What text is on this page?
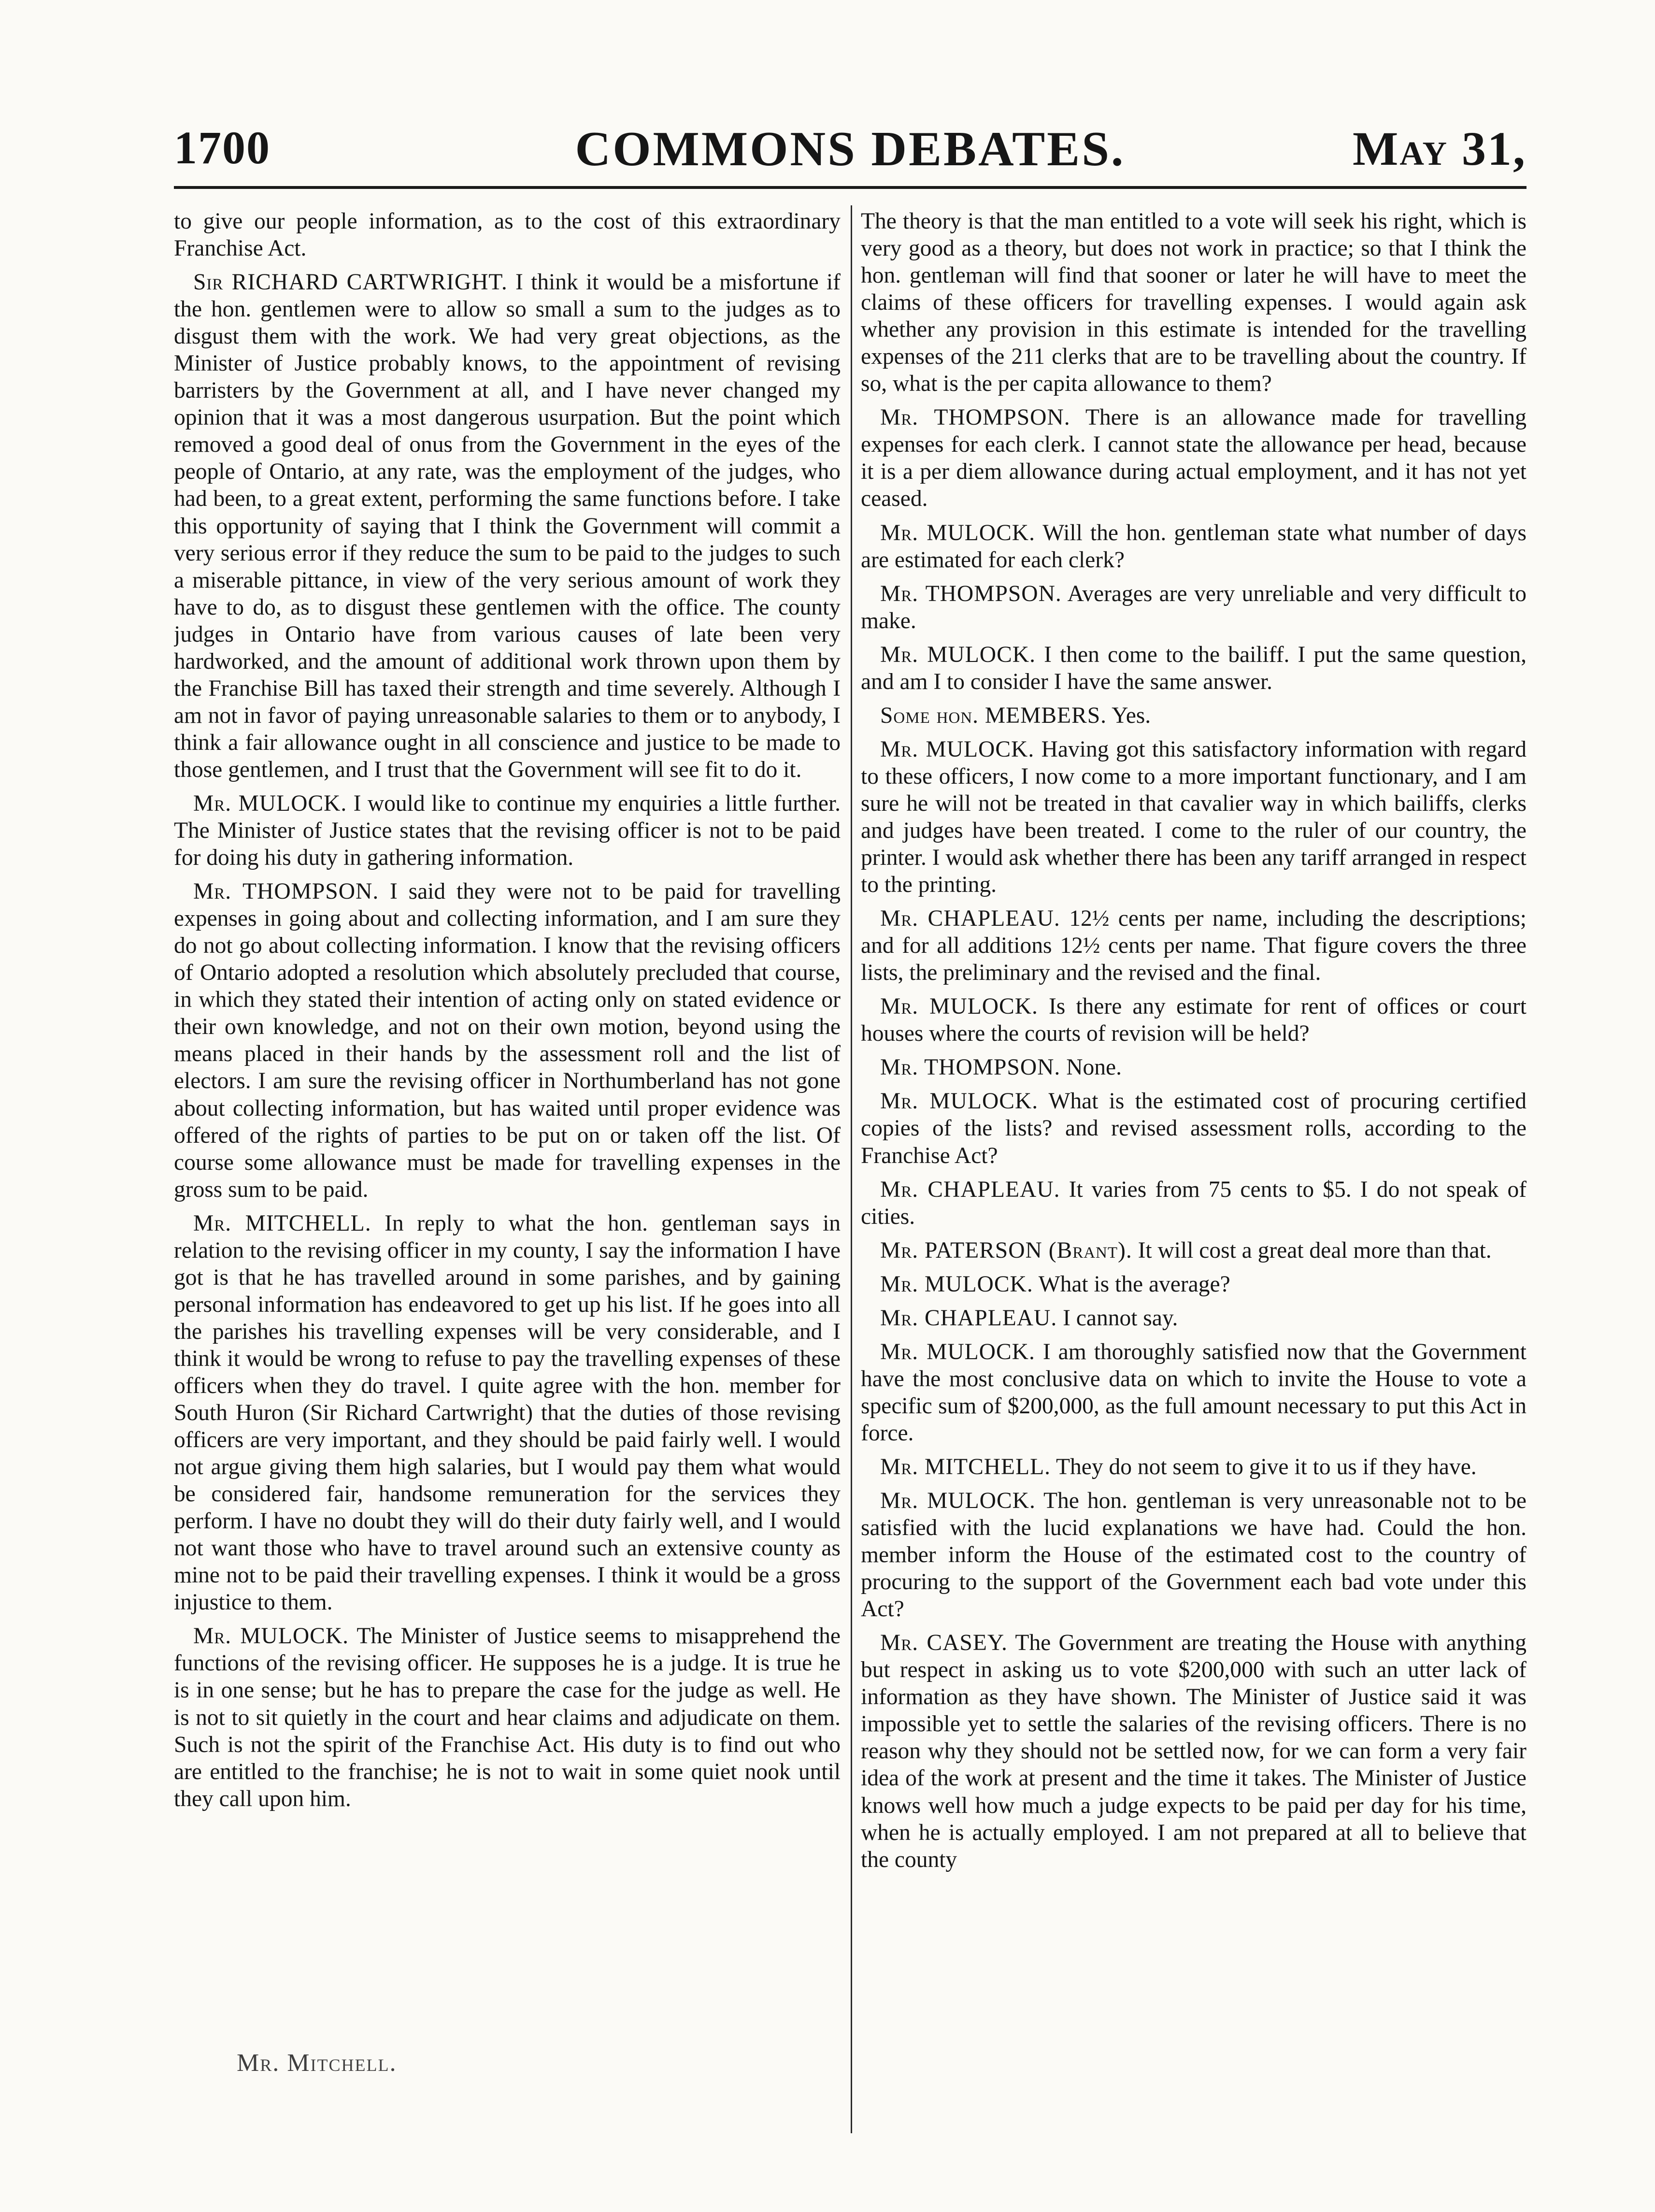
1700	COMMONS DEBATES.	May 31,

to give our people information, as to the cost of this extraordinary Franchise Act.

Sir RICHARD CARTWRIGHT. I think it would be a misfortune if the hon. gentlemen were to allow so small a sum to the judges as to disgust them with the work. We had very great objections, as the Minister of Justice probably knows, to the appointment of revising barristers by the Government at all, and I have never changed my opinion that it was a most dangerous usurpation. But the point which removed a good deal of onus from the Government in the eyes of the people of Ontario, at any rate, was the employment of the judges, who had been, to a great extent, performing the same functions before. I take this opportunity of saying that I think the Government will commit a very serious error if they reduce the sum to be paid to the judges to such a miserable pittance, in view of the very serious amount of work they have to do, as to disgust these gentlemen with the office. The county judges in Ontario have from various causes of late been very hardworked, and the amount of additional work thrown upon them by the Franchise Bill has taxed their strength and time severely. Although I am not in favor of paying unreasonable salaries to them or to anybody, I think a fair allowance ought in all conscience and justice to be made to those gentlemen, and I trust that the Government will see fit to do it.

Mr. MULOCK. I would like to continue my enquiries a little further. The Minister of Justice states that the revising officer is not to be paid for doing his duty in gathering information.

Mr. THOMPSON. I said they were not to be paid for travelling expenses in going about and collecting information, and I am sure they do not go about collecting information. I know that the revising officers of Ontario adopted a resolution which absolutely precluded that course, in which they stated their intention of acting only on stated evidence or their own knowledge, and not on their own motion, beyond using the means placed in their hands by the assessment roll and the list of electors. I am sure the revising officer in Northumberland has not gone about collecting information, but has waited until proper evidence was offered of the rights of parties to be put on or taken off the list. Of course some allowance must be made for travelling expenses in the gross sum to be paid.

Mr. MITCHELL. In reply to what the hon. gentleman says in relation to the revising officer in my county, I say the information I have got is that he has travelled around in some parishes, and by gaining personal information has endeavored to get up his list. If he goes into all the parishes his travelling expenses will be very considerable, and I think it would be wrong to refuse to pay the travelling expenses of these officers when they do travel. I quite agree with the hon. member for South Huron (Sir Richard Cartwright) that the duties of those revising officers are very important, and they should be paid fairly well. I would not argue giving them high salaries, but I would pay them what would be considered fair, handsome remuneration for the services they perform. I have no doubt they will do their duty fairly well, and I would not want those who have to travel around such an extensive county as mine not to be paid their travelling expenses. I think it would be a gross injustice to them.

Mr. MULOCK. The Minister of Justice seems to misapprehend the functions of the revising officer. He supposes he is a judge. It is true he is in one sense; but he has to prepare the case for the judge as well. He is not to sit quietly in the court and hear claims and adjudicate on them. Such is not the spirit of the Franchise Act. His duty is to find out who are entitled to the franchise; he is not to wait in some quiet nook until they call upon him.

The theory is that the man entitled to a vote will seek his right, which is very good as a theory, but does not work in practice; so that I think the hon. gentleman will find that sooner or later he will have to meet the claims of these officers for travelling expenses. I would again ask whether any provision in this estimate is intended for the travelling expenses of the 211 clerks that are to be travelling about the country. If so, what is the per capita allowance to them?

Mr. THOMPSON. There is an allowance made for travelling expenses for each clerk. I cannot state the allowance per head, because it is a per diem allowance during actual employment, and it has not yet ceased.

Mr. MULOCK. Will the hon. gentleman state what number of days are estimated for each clerk?

Mr. THOMPSON. Averages are very unreliable and very difficult to make.

Mr. MULOCK. I then come to the bailiff. I put the same question, and am I to consider I have the same answer.

Some hon. MEMBERS. Yes.

Mr. MULOCK. Having got this satisfactory information with regard to these officers, I now come to a more important functionary, and I am sure he will not be treated in that cavalier way in which bailiffs, clerks and judges have been treated. I come to the ruler of our country, the printer. I would ask whether there has been any tariff arranged in respect to the printing.

Mr. CHAPLEAU. 12½ cents per name, including the descriptions; and for all additions 12½ cents per name. That figure covers the three lists, the preliminary and the revised and the final.

Mr. MULOCK. Is there any estimate for rent of offices or court houses where the courts of revision will be held?

Mr. THOMPSON. None.

Mr. MULOCK. What is the estimated cost of procuring certified copies of the lists? and revised assessment rolls, according to the Franchise Act?

Mr. CHAPLEAU. It varies from 75 cents to $5. I do not speak of cities.

Mr. PATERSON (Brant). It will cost a great deal more than that.

Mr. MULOCK. What is the average?

Mr. CHAPLEAU. I cannot say.

Mr. MULOCK. I am thoroughly satisfied now that the Government have the most conclusive data on which to invite the House to vote a specific sum of $200,000, as the full amount necessary to put this Act in force.

Mr. MITCHELL. They do not seem to give it to us if they have.

Mr. MULOCK. The hon. gentleman is very unreasonable not to be satisfied with the lucid explanations we have had. Could the hon. member inform the House of the estimated cost to the country of procuring to the support of the Government each bad vote under this Act?

Mr. CASEY. The Government are treating the House with anything but respect in asking us to vote $200,000 with such an utter lack of information as they have shown. The Minister of Justice said it was impossible yet to settle the salaries of the revising officers. There is no reason why they should not be settled now, for we can form a very fair idea of the work at present and the time it takes. The Minister of Justice knows well how much a judge expects to be paid per day for his time, when he is actually employed. I am not prepared at all to believe that the county

Mr. Mitchell.
